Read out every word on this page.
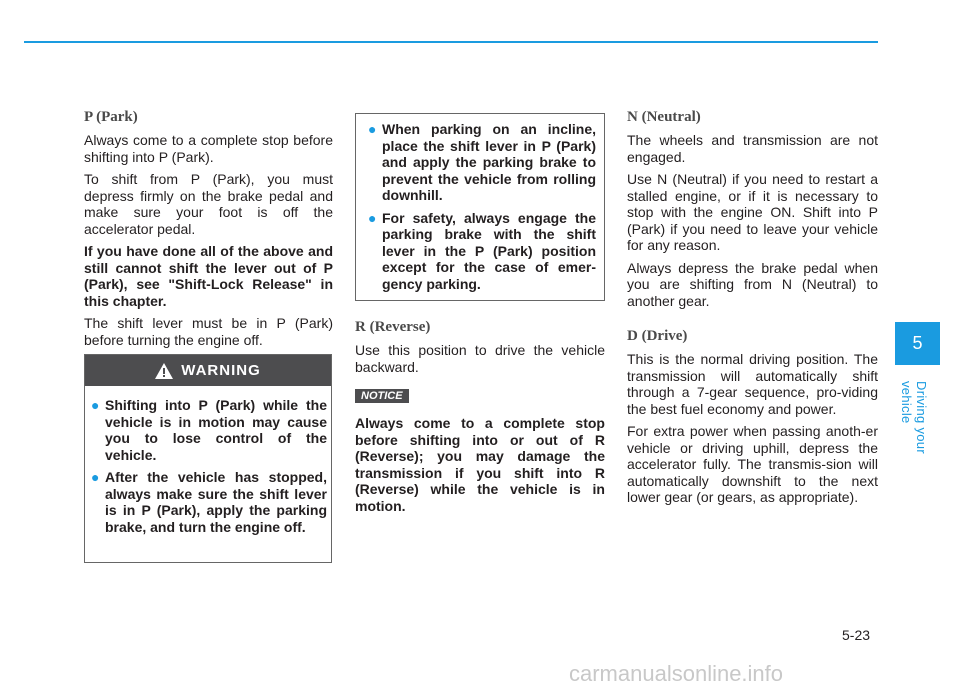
P (Park)

Always come to a complete stop before shifting into P (Park).

To shift from P (Park), you must depress firmly on the brake pedal and make sure your foot is off the accelerator pedal.

If you have done all of the above and still cannot shift the lever out of P (Park), see "Shift-Lock Release" in this chapter.

The shift lever must be in P (Park) before turning the engine off.

WARNING
● Shifting into P (Park) while the vehicle is in motion may cause you to lose control of the vehicle.
● After the vehicle has stopped, always make sure the shift lever is in P (Park), apply the parking brake, and turn the engine off.
● When parking on an incline, place the shift lever in P (Park) and apply the parking brake to prevent the vehicle from rolling downhill.
● For safety, always engage the parking brake with the shift lever in the P (Park) position except for the case of emer-gency parking.
R (Reverse)

Use this position to drive the vehicle backward.

NOTICE

Always come to a complete stop before shifting into or out of R (Reverse); you may damage the transmission if you shift into R (Reverse) while the vehicle is in motion.

N (Neutral)

The wheels and transmission are not engaged.

Use N (Neutral) if you need to restart a stalled engine, or if it is necessary to stop with the engine ON. Shift into P (Park) if you need to leave your vehicle for any reason.

Always depress the brake pedal when you are shifting from N (Neutral) to another gear.

D (Drive)

This is the normal driving position. The transmission will automatically shift through a 7-gear sequence, pro-viding the best fuel economy and power.

For extra power when passing anoth-er vehicle or driving uphill, depress the accelerator fully. The transmis-sion will automatically downshift to the next lower gear (or gears, as appropriate).

5
Driving your vehicle
5-23
carmanualsonline.info
